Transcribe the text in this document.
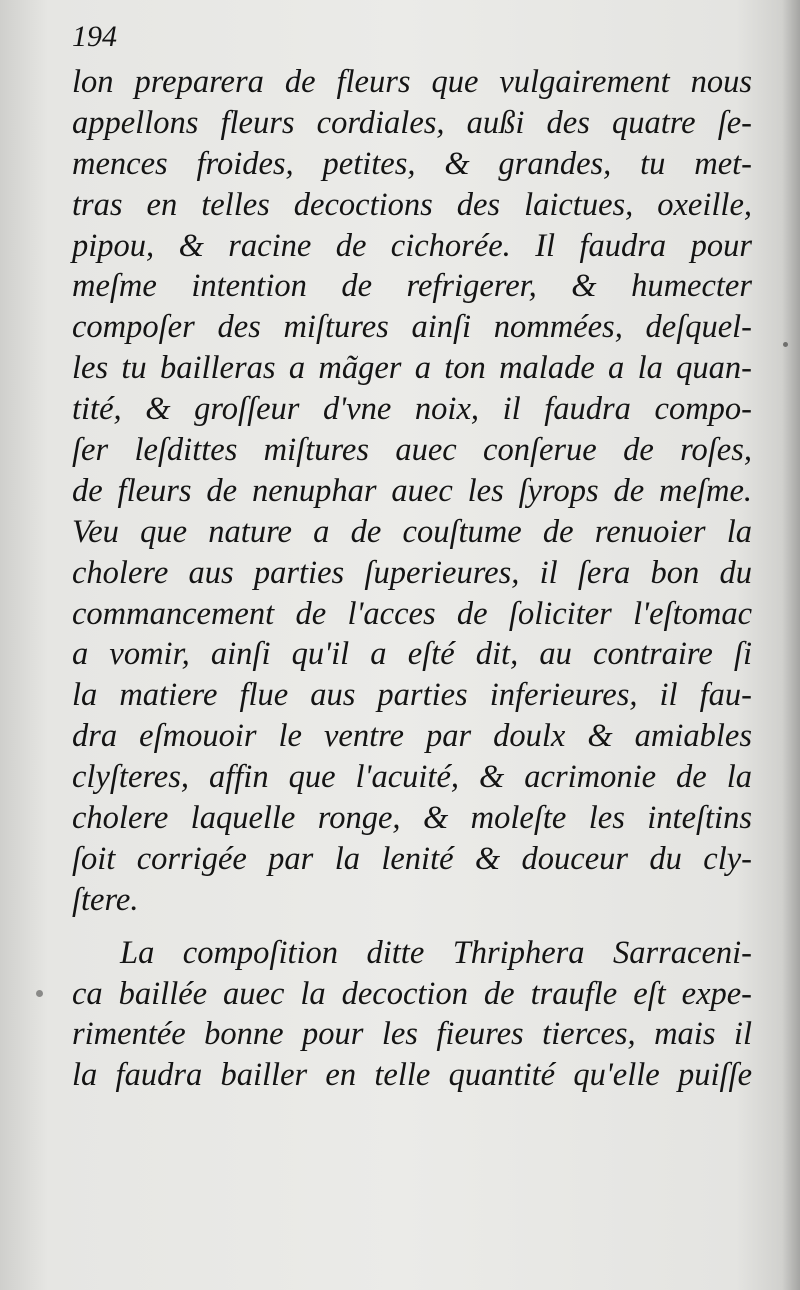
194
lon preparera de fleurs que vulgairement nous
appellons fleurs cordiales, außi des quatre ſe-
mences froides, petites, & grandes, tu met-
tras en telles decoctions des laictues, oxeille,
pipou, & racine de cichorée. Il faudra pour
meſme intention de refrigerer, & humecter
compoſer des miſtures ainſi nommées, deſquel-
les tu bailleras a mãger a ton malade a la quan-
tité, & groſſeur d'vne noix, il faudra compo-
ſer leſdittes miſtures auec conſerue de roſes,
de fleurs de nenuphar auec les ſyrops de meſme.
Veu que nature a de couſtume de renuoier la
cholere aus parties ſuperieures, il ſera bon du
commancement de l'acces de ſoliciter l'eſtomac
a vomir, ainſi qu'il a eſté dit, au contraire ſi
la matiere flue aus parties inferieures, il fau-
dra eſmouoir le ventre par doulx & amiables
clyſteres, affin que l'acuité, & acrimonie de la
cholere laquelle ronge, & moleſte les inteſtins
ſoit corrigée par la lenité & douceur du cly-
ſtere.
La compoſition ditte Thriphera Sarraceni-
ca baillée auec la decoction de traufle eſt expe-
rimentée bonne pour les fieures tierces, mais il
la faudra bailler en telle quantité qu'elle puiſſe
